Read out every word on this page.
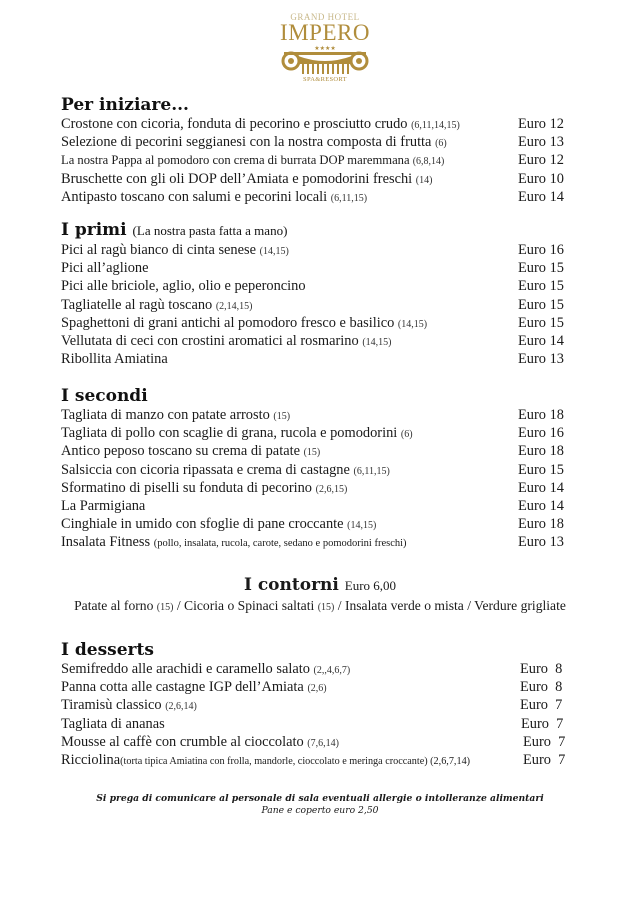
GRAND HOTEL
IMPERO
★★★★
SPA&RESORT
Per iniziare...
Crostone con cicoria, fonduta di pecorino e prosciutto crudo (6,11,14,15)	Euro 12
Selezione di pecorini seggianesi con la nostra composta di frutta (6)	Euro 13
La nostra Pappa al pomodoro con crema di burrata DOP maremmana (6,8,14)	Euro 12
Bruschette con gli oli DOP dell’Amiata e pomodorini freschi (14)	Euro 10
Antipasto toscano con salumi e pecorini locali (6,11,15)	Euro 14
I primi (La nostra pasta fatta a mano)
Pici al ragù bianco di cinta senese (14,15)	Euro 16
Pici all’aglione	Euro 15
Pici alle briciole, aglio, olio e peperoncino	Euro 15
Tagliatelle al ragù toscano (2,14,15)	Euro 15
Spaghettoni di grani antichi al pomodoro fresco e basilico (14,15)	Euro 15
Vellutata di ceci con crostini aromatici al rosmarino (14,15)	Euro 14
Ribollita Amiatina	Euro 13
I secondi
Tagliata di manzo con patate arrosto (15)	Euro 18
Tagliata di pollo con scaglie di grana, rucola e pomodorini (6)	Euro 16
Antico peposo toscano su crema di patate (15)	Euro 18
Salsiccia con cicoria ripassata e crema di castagne (6,11,15)	Euro 15
Sformatino di piselli su fonduta di pecorino (2,6,15)	Euro 14
La Parmigiana	Euro 14
Cinghiale in umido con sfoglie di pane croccante (14,15)	Euro 18
Insalata Fitness (pollo, insalata, rucola, carote, sedano e pomodorini freschi)	Euro 13
I contorni Euro 6,00
Patate al forno (15) / Cicoria o Spinaci saltati (15) / Insalata verde o mista / Verdure grigliate
I desserts
Semifreddo alle arachidi e caramello salato (2,,4,6,7)	Euro  8
Panna cotta alle castagne IGP dell’Amiata (2,6)	Euro  8
Tiramisù classico (2,6,14)	Euro  7
Tagliata di ananas	Euro  7
Mousse al caffè con crumble al cioccolato (7,6,14)	Euro  7
Ricciolina(torta tipica Amiatina con frolla, mandorle, cioccolato e meringa croccante) (2,6,7,14)	Euro  7
Si prega di comunicare al personale di sala eventuali allergie o intolleranze alimentari
Pane e coperto euro 2,50
